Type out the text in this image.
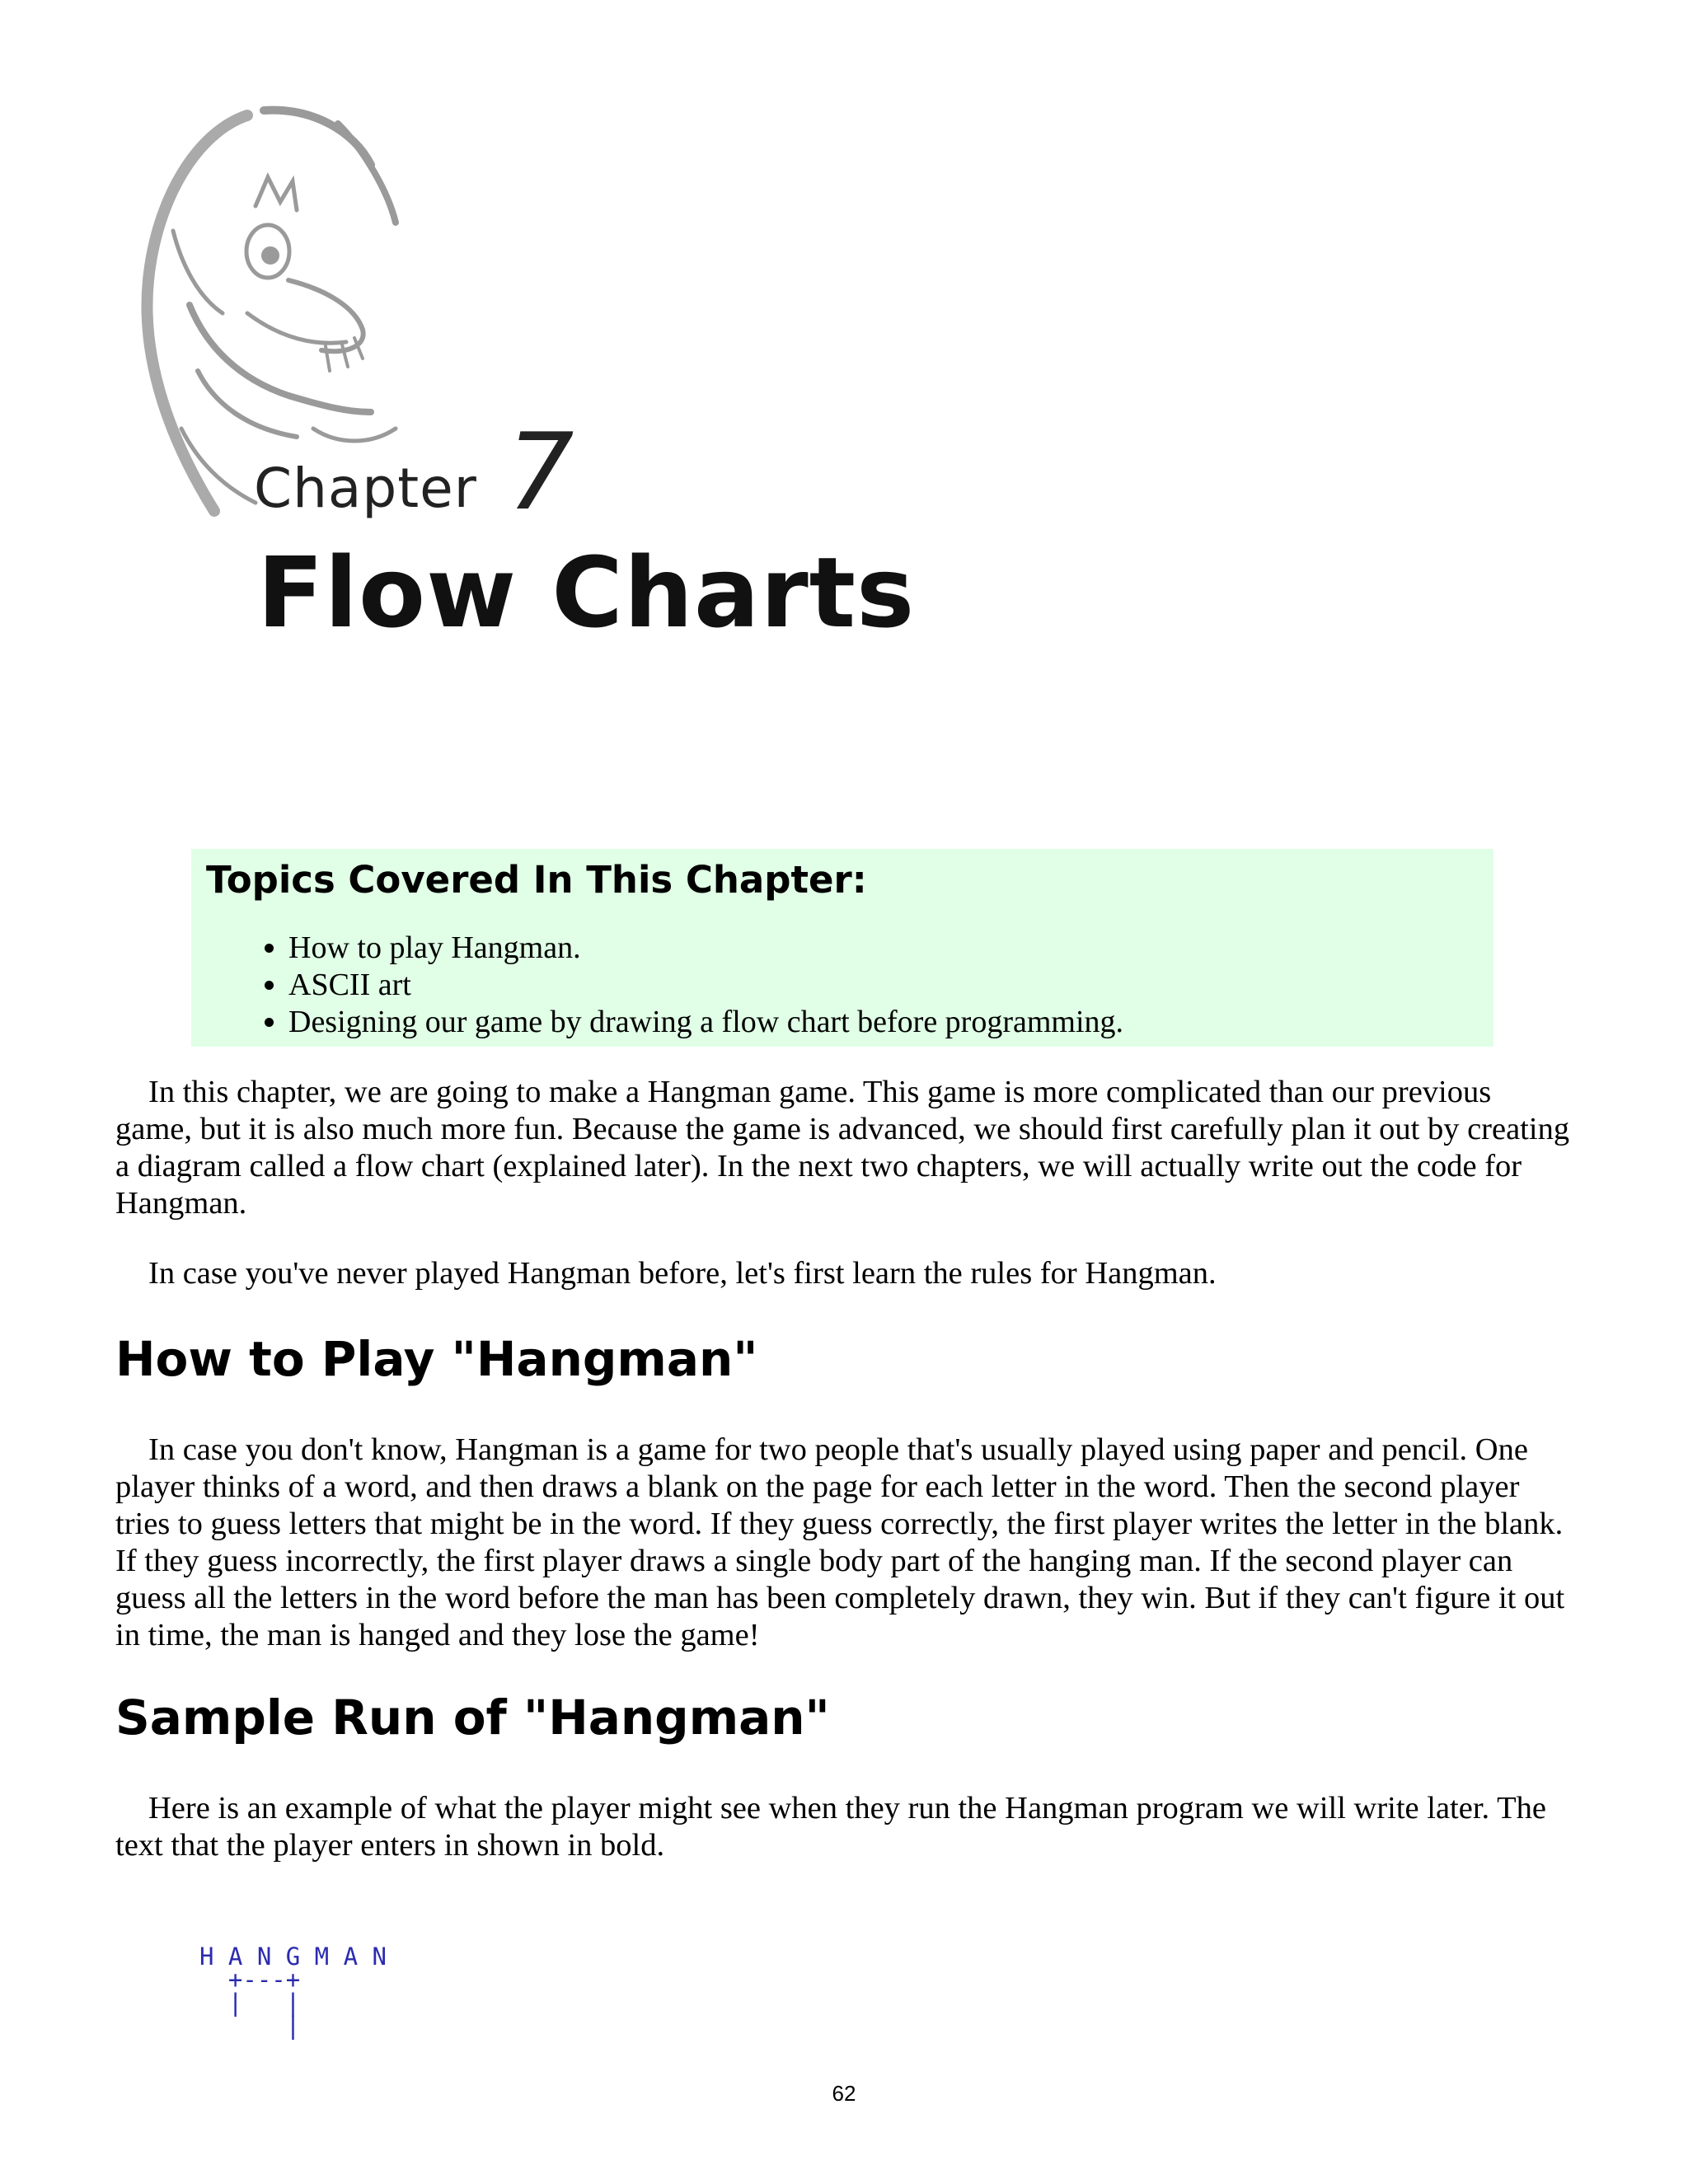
Chapter 7
Flow Charts
Topics Covered In This Chapter:
• How to play Hangman.
• ASCII art
• Designing our game by drawing a flow chart before programming.

In this chapter, we are going to make a Hangman game. This game is more complicated than our previous game, but it is also much more fun. Because the game is advanced, we should first carefully plan it out by creating a diagram called a flow chart (explained later). In the next two chapters, we will actually write out the code for Hangman.

In case you've never played Hangman before, let's first learn the rules for Hangman.

How to Play "Hangman"

In case you don't know, Hangman is a game for two people that's usually played using paper and pencil. One player thinks of a word, and then draws a blank on the page for each letter in the word. Then the second player tries to guess letters that might be in the word. If they guess correctly, the first player writes the letter in the blank. If they guess incorrectly, the first player draws a single body part of the hanging man. If the second player can guess all the letters in the word before the man has been completely drawn, they win. But if they can't figure it out in time, the man is hanged and they lose the game!

Sample Run of "Hangman"

Here is an example of what the player might see when they run the Hangman program we will write later. The text that the player enters in shown in bold.

H A N G M A N
+---+
|   |
|
62
